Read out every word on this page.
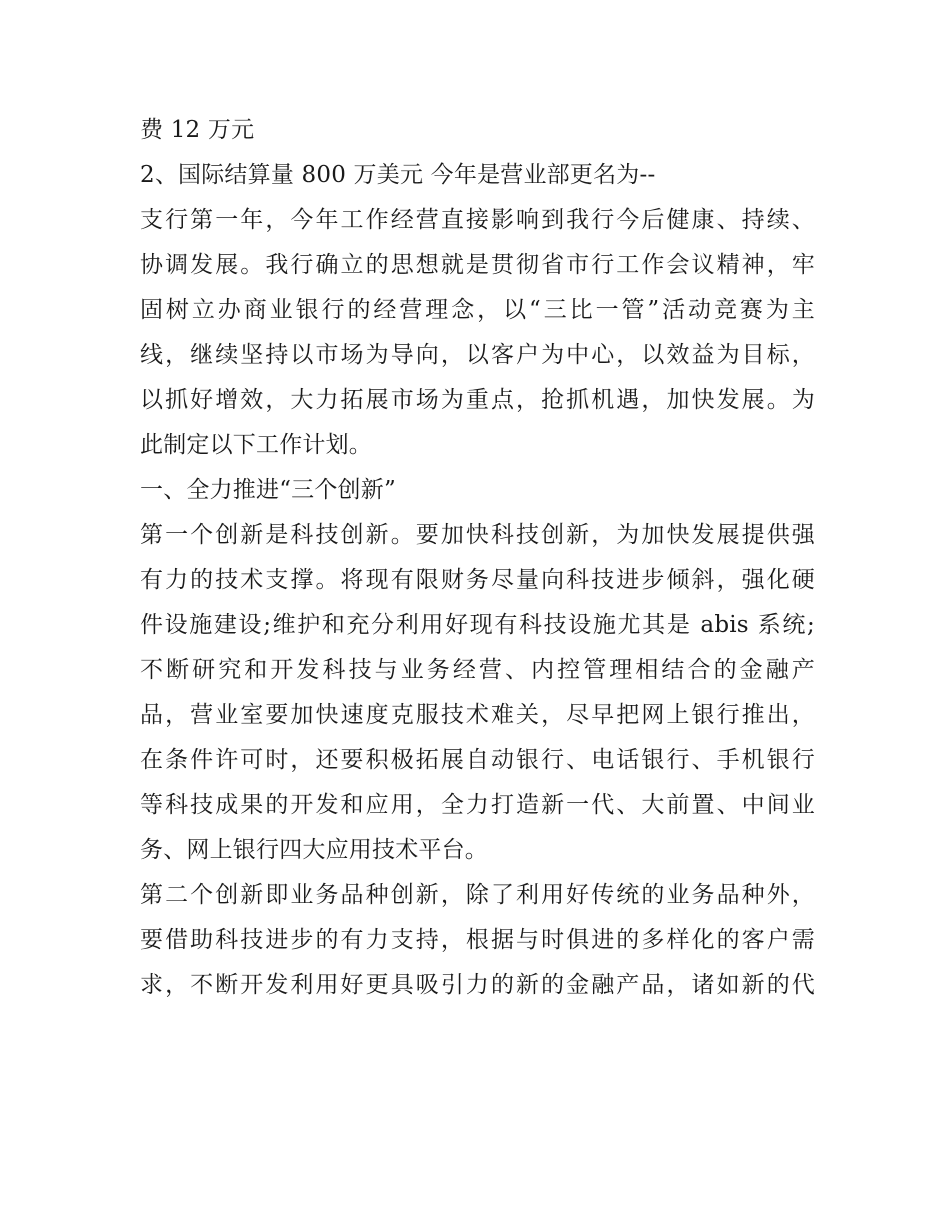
费 12 万元
2、国际结算量 800 万美元 今年是营业部更名为--
支行第一年，今年工作经营直接影响到我行今后健康、持续、
协调发展。我行确立的思想就是贯彻省市行工作会议精神，牢
固树立办商业银行的经营理念，以“三比一管”活动竞赛为主
线，继续坚持以市场为导向，以客户为中心，以效益为目标，
以抓好增效，大力拓展市场为重点，抢抓机遇，加快发展。为
此制定以下工作计划。
一、全力推进“三个创新”
第一个创新是科技创新。要加快科技创新，为加快发展提供强
有力的技术支撑。将现有限财务尽量向科技进步倾斜，强化硬
件设施建设;维护和充分利用好现有科技设施尤其是 abis 系统;
不断研究和开发科技与业务经营、内控管理相结合的金融产
品，营业室要加快速度克服技术难关，尽早把网上银行推出，
在条件许可时，还要积极拓展自动银行、电话银行、手机银行
等科技成果的开发和应用，全力打造新一代、大前置、中间业
务、网上银行四大应用技术平台。
第二个创新即业务品种创新，除了利用好传统的业务品种外，
要借助科技进步的有力支持，根据与时俱进的多样化的客户需
求，不断开发利用好更具吸引力的新的金融产品，诸如新的代
